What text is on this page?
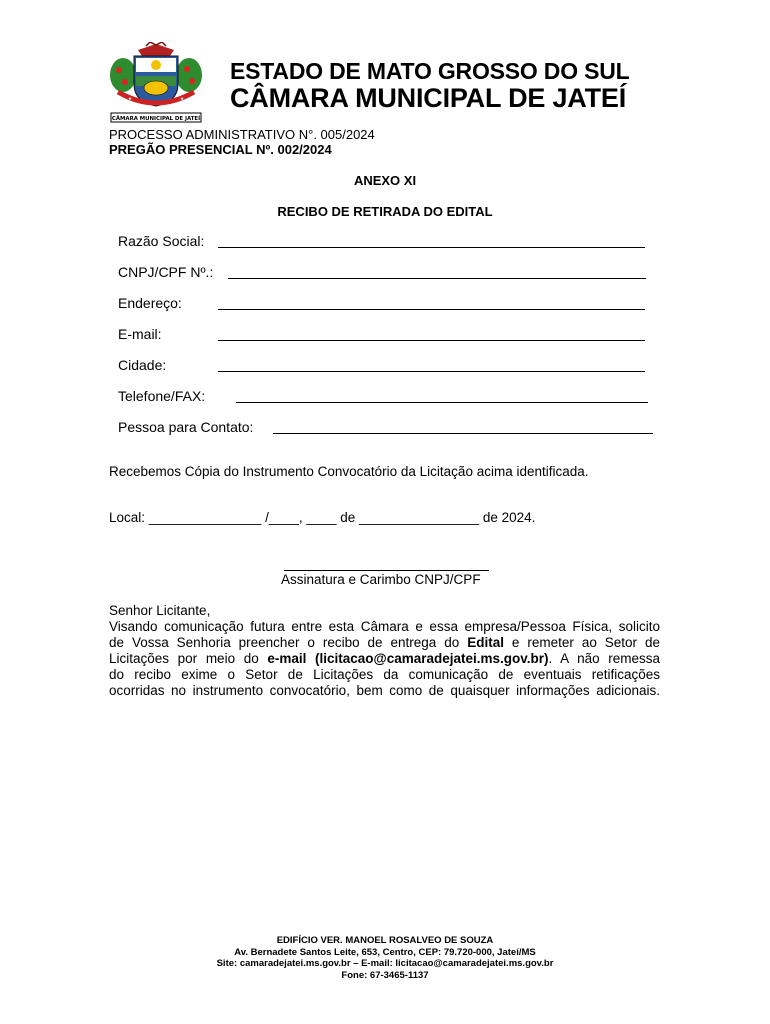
★	★
CÂMARA MUNICIPAL DE JATEÍ
ESTADO DE MATO GROSSO DO SUL
CÂMARA MUNICIPAL DE JATEÍ
PROCESSO ADMINISTRATIVO N°. 005/2024
PREGÃO PRESENCIAL Nº. 002/2024
ANEXO XI
RECIBO DE RETIRADA DO EDITAL
Razão Social:
CNPJ/CPF Nº.:
Endereço:
E-mail:
Cidade:
Telefone/FAX:
Pessoa para Contato:
Recebemos Cópia do Instrumento Convocatório da Licitação acima identificada.
Local: _______________ /____, ____ de ________________ de 2024.
Assinatura e Carimbo CNPJ/CPF
Senhor Licitante,
Visando comunicação futura entre esta Câmara e essa empresa/Pessoa Física, solicito
de Vossa Senhoria preencher o recibo de entrega do Edital e remeter ao Setor de
Licitações por meio do e-mail (licitacao@camaradejatei.ms.gov.br). A não remessa
do recibo exime o Setor de Licitações da comunicação de eventuais retificações
ocorridas no instrumento convocatório, bem como de quaisquer informações adicionais.
EDIFÍCIO VER. MANOEL ROSALVEO DE SOUZA
Av. Bernadete Santos Leite, 653, Centro, CEP: 79.720-000, Jateí/MS
Site: camaradejatei.ms.gov.br – E-mail: licitacao@camaradejatei.ms.gov.br
Fone: 67-3465-1137
